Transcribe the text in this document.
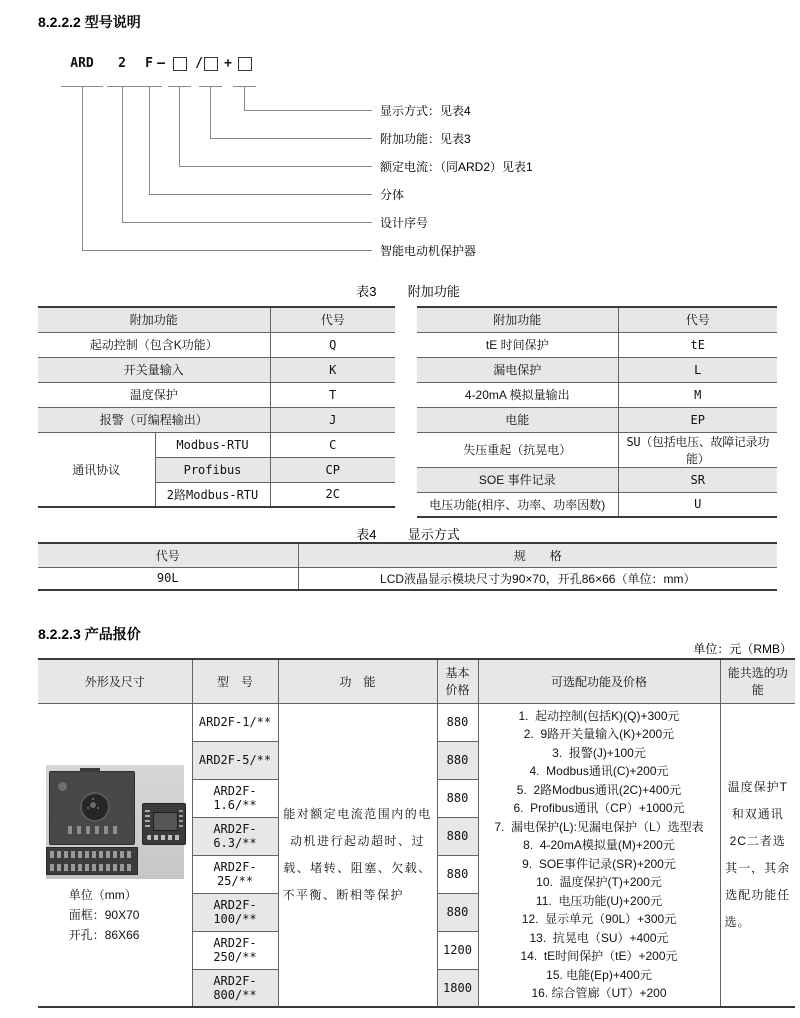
8.2.2.2 型号说明
ARD	2	F — / +
显示方式：见表4
附加功能：见表3
额定电流：（同ARD2）见表1
分体
设计序号
智能电动机保护器
表3 附加功能
附加功能		代号
起动控制（包含K功能）		Q
开关量输入		K
温度保护		T
报警（可编程输出）		J
通讯协议	Modbus-RTU	C
	Profibus	CP
	2路Modbus-RTU	2C
附加功能	代号
tE 时间保护	tE
漏电保护	L
4-20mA 模拟量输出	M
电能	EP
失压重起（抗晃电）	SU（包括电压、故障记录功能）
SOE 事件记录	SR
电压功能(相序、功率、功率因数)	U
表4 显示方式
代号	规　　格
90L	LCD液晶显示模块尺寸为90×70，开孔86×66（单位：mm）
8.2.2.3 产品报价
单位：元（RMB）
外形及尺寸	型　号	功　能	基本价格	可选配功能及价格	能共选的功能

单位（mm）
面框：90X70
开孔：86X66
	ARD2F-1/**	能对额定电流范围内的电动机进行起动超时、过载、堵转、阻塞、欠载、不平衡、断相等保护	880	1.  起动控制(包括K)(Q)+300元
2.  9路开关量输入(K)+200元
3.  报警(J)+100元
4.  Modbus通讯(C)+200元
5.  2路Modbus通讯(2C)+400元
6.  Profibus通讯（CP）+1000元
7.  漏电保护(L):见漏电保护（L）选型表
8.  4-20mA模拟量(M)+200元
9.  SOE事件记录(SR)+200元
10.  温度保护(T)+200元
11.  电压功能(U)+200元
12.  显示单元（90L）+300元
13.  抗晃电（SU）+400元
14.  tE时间保护（tE）+200元
15. 电能(Ep)+400元
16. 综合管廊（UT）+200
	温度保护T和双通讯2C二者选其一，其余选配功能任选。
	ARD2F-5/**		880		
	ARD2F-1.6/**		880		
	ARD2F-6.3/**		880		
	ARD2F-25/**		880		
	ARD2F-100/**		880		
	ARD2F-250/**		1200		
	ARD2F-800/**		1800		
